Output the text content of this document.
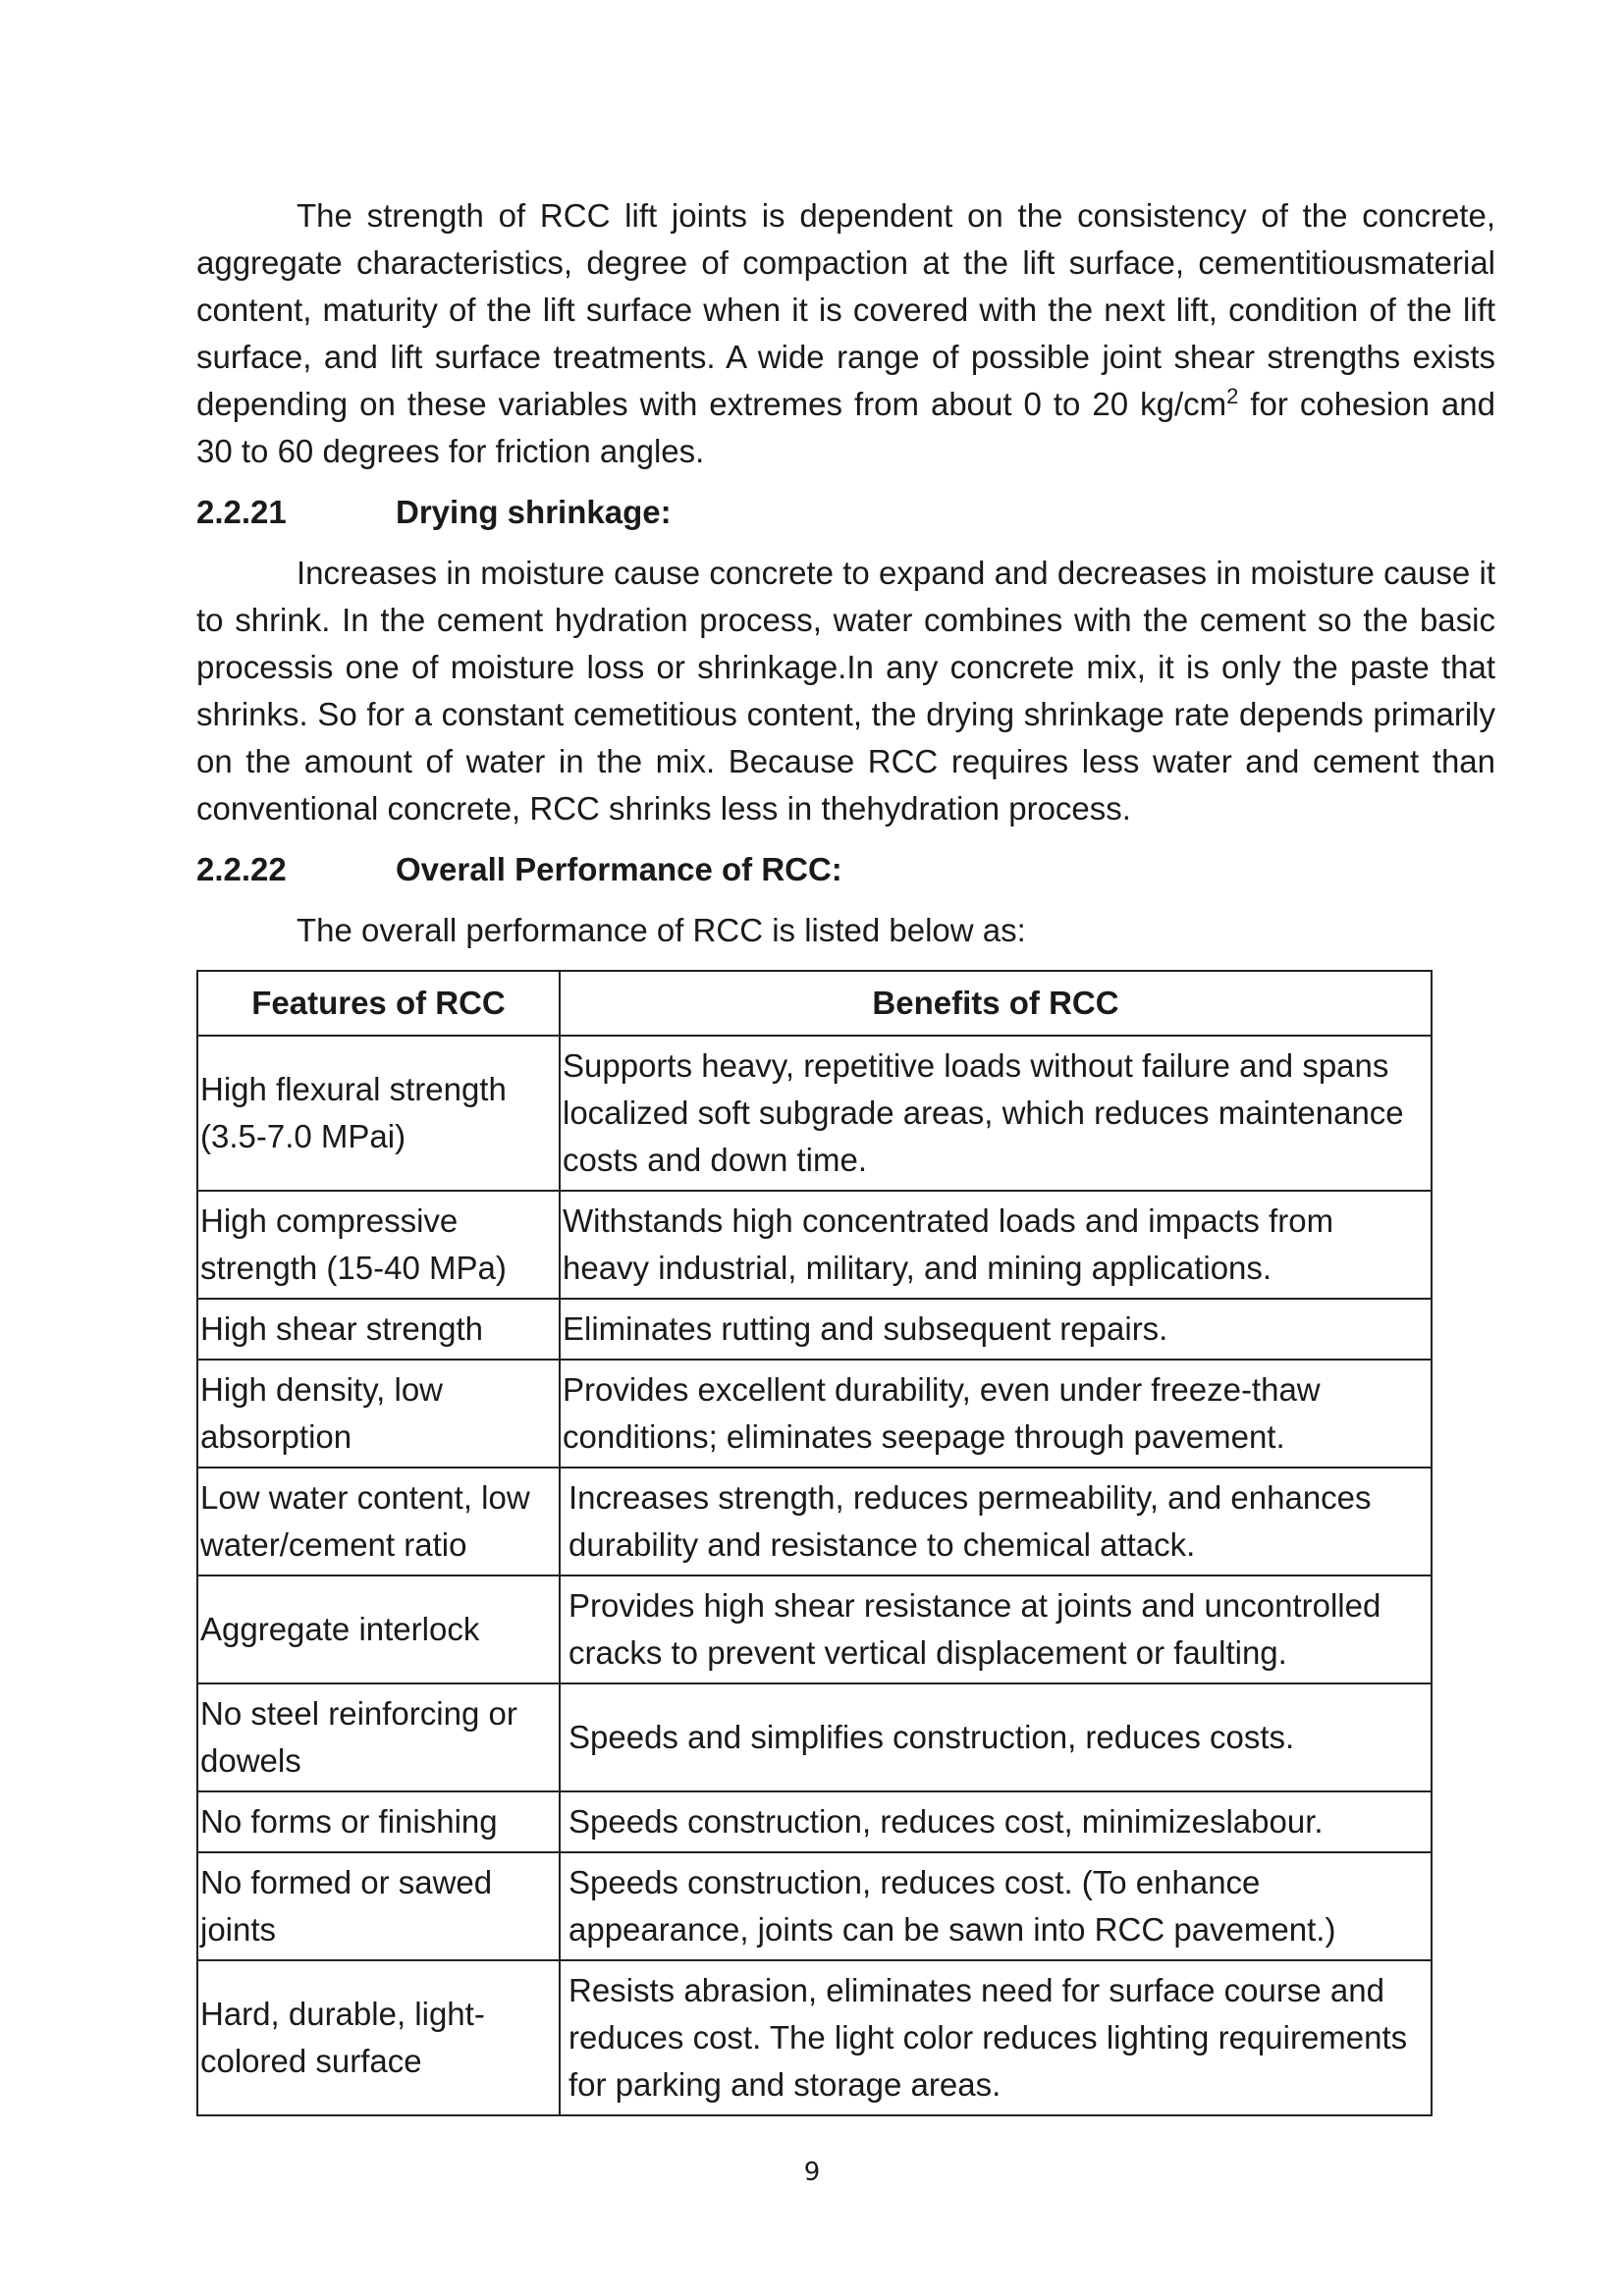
The strength of RCC lift joints is dependent on the consistency of the concrete, aggregate characteristics, degree of compaction at the lift surface, cementitiousmaterial content, maturity of the lift surface when it is covered with the next lift, condition of the lift surface, and lift surface treatments. A wide range of possible joint shear strengths exists depending on these variables with extremes from about 0 to 20 $kg/cm^2$ for cohesion and 30 to 60 degrees for friction angles.

2.2.21	Drying shrinkage:

Increases in moisture cause concrete to expand and decreases in moisture cause it to shrink. In the cement hydration process, water combines with the cement so the basic processis one of moisture loss or shrinkage.In any concrete mix, it is only the paste that shrinks. So for a constant cemetitious content, the drying shrinkage rate depends primarily on the amount of water in the mix. Because RCC requires less water and cement than conventional concrete, RCC shrinks less in thehydration process.

2.2.22	Overall Performance of RCC:

The overall performance of RCC is listed below as:

Features of RCC	Benefits of RCC
High flexural strength (3.5-7.0 MPai)	Supports heavy, repetitive loads without failure and spans localized soft subgrade areas, which reduces maintenance costs and down time.
High compressive strength (15-40 MPa)	Withstands high concentrated loads and impacts from heavy industrial, military, and mining applications.
High shear strength	Eliminates rutting and subsequent repairs.
High density, low absorption	Provides excellent durability, even under freeze-thaw conditions; eliminates seepage through pavement.
Low water content, low water/cement ratio	Increases strength, reduces permeability, and enhances durability and resistance to chemical attack.
Aggregate interlock	Provides high shear resistance at joints and uncontrolled cracks to prevent vertical displacement or faulting.
No steel reinforcing or dowels	Speeds and simplifies construction, reduces costs.
No forms or finishing	Speeds construction, reduces cost, minimizeslabour.
No formed or sawed joints	Speeds construction, reduces cost. (To enhance appearance, joints can be sawn into RCC pavement.)
Hard, durable, light-colored surface	Resists abrasion, eliminates need for surface course and reduces cost. The light color reduces lighting requirements for parking and storage areas.
9
